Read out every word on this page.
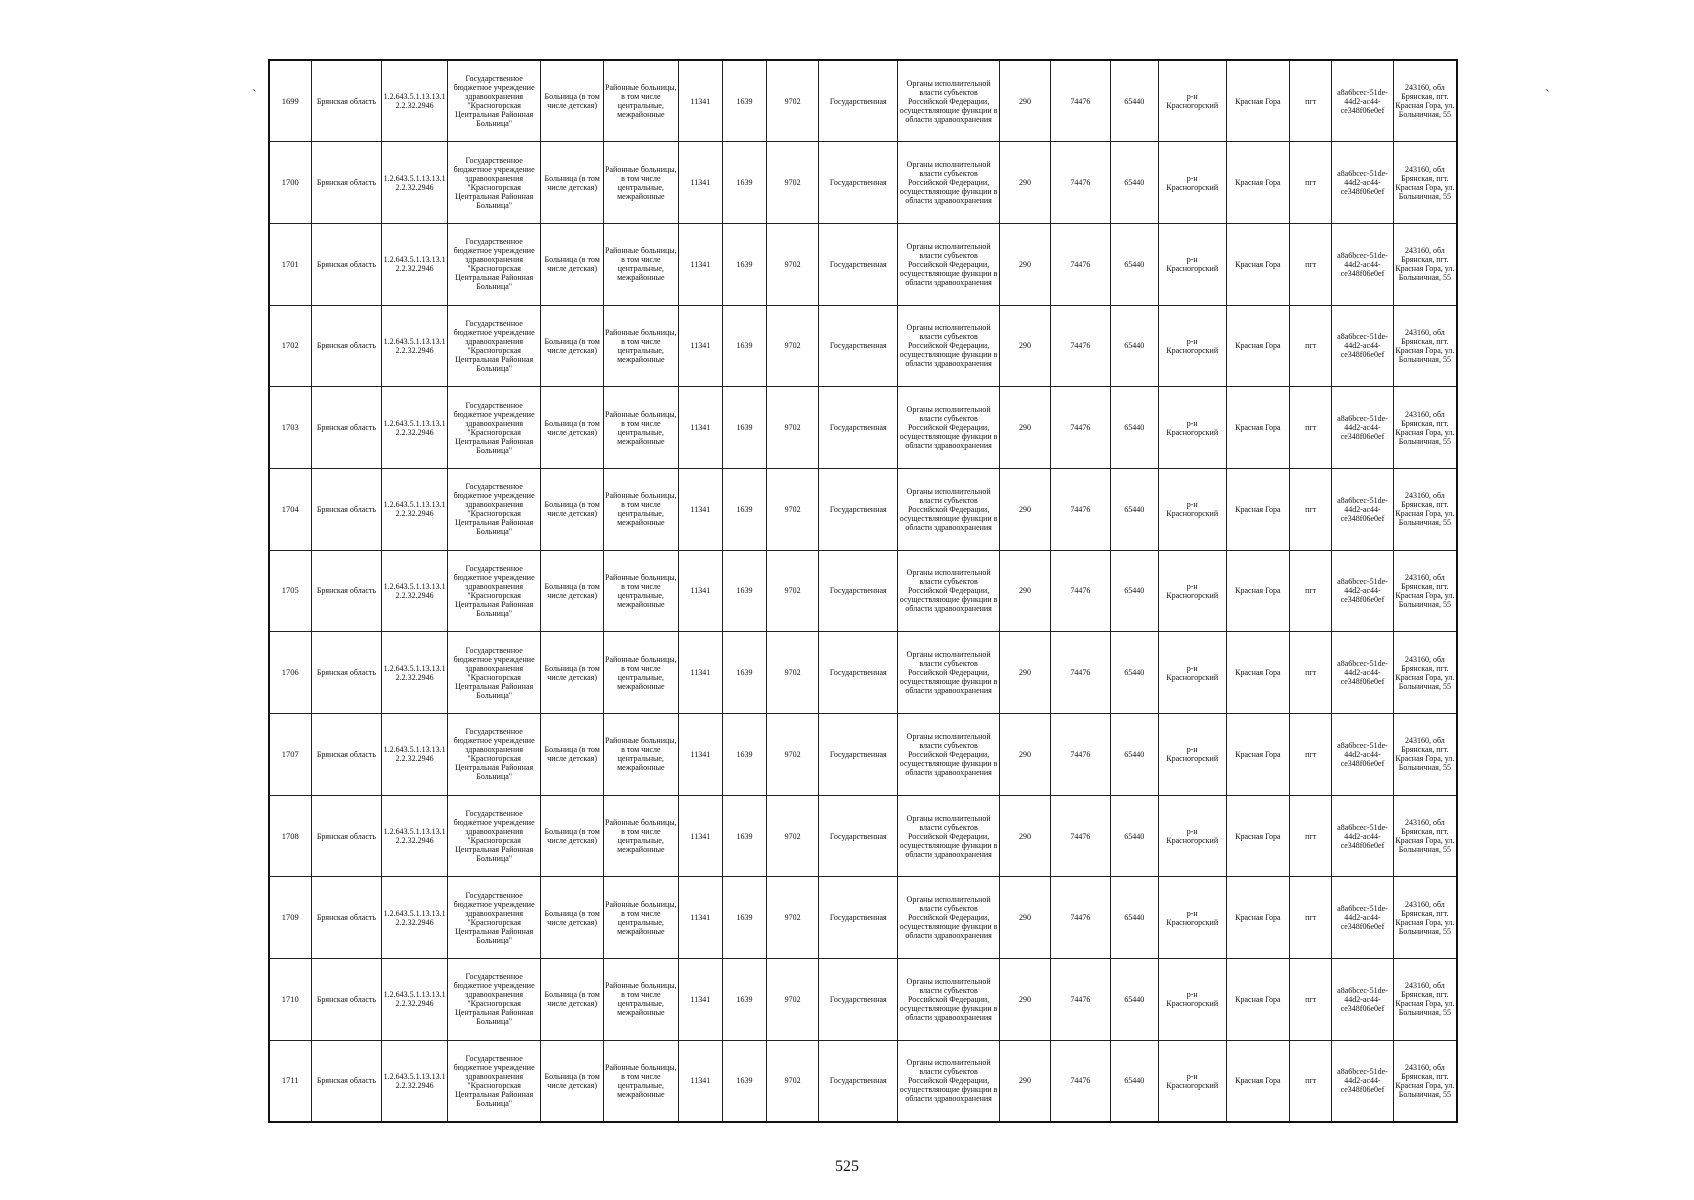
`	`
1699	Брянская область	1.2.643.5.1.13.13.12.2.32.2946	Государственное бюджетное учреждение здравоохранения "Красногорская Центральная Районная Больница"	Больница (в том числе детская)	Районные больницы, в том числе центральные, межрайонные	11341	1639	9702	Государственная	Органы исполнительной власти субъектов Российской Федерации, осуществляющие функции в области здравоохранения	290	74476	65440	р-н Красногорский	Красная Гора	пгт	a8a6bcec-51de-44d2-ac44-ce348f06e0ef	243160, обл Брянская, пгт. Красная Гора, ул. Больничная, 55
1700	Брянская область	1.2.643.5.1.13.13.12.2.32.2946	Государственное бюджетное учреждение здравоохранения "Красногорская Центральная Районная Больница"	Больница (в том числе детская)	Районные больницы, в том числе центральные, межрайонные	11341	1639	9702	Государственная	Органы исполнительной власти субъектов Российской Федерации, осуществляющие функции в области здравоохранения	290	74476	65440	р-н Красногорский	Красная Гора	пгт	a8a6bcec-51de-44d2-ac44-ce348f06e0ef	243160, обл Брянская, пгт. Красная Гора, ул. Больничная, 55
1701	Брянская область	1.2.643.5.1.13.13.12.2.32.2946	Государственное бюджетное учреждение здравоохранения "Красногорская Центральная Районная Больница"	Больница (в том числе детская)	Районные больницы, в том числе центральные, межрайонные	11341	1639	9702	Государственная	Органы исполнительной власти субъектов Российской Федерации, осуществляющие функции в области здравоохранения	290	74476	65440	р-н Красногорский	Красная Гора	пгт	a8a6bcec-51de-44d2-ac44-ce348f06e0ef	243160, обл Брянская, пгт. Красная Гора, ул. Больничная, 55
1702	Брянская область	1.2.643.5.1.13.13.12.2.32.2946	Государственное бюджетное учреждение здравоохранения "Красногорская Центральная Районная Больница"	Больница (в том числе детская)	Районные больницы, в том числе центральные, межрайонные	11341	1639	9702	Государственная	Органы исполнительной власти субъектов Российской Федерации, осуществляющие функции в области здравоохранения	290	74476	65440	р-н Красногорский	Красная Гора	пгт	a8a6bcec-51de-44d2-ac44-ce348f06e0ef	243160, обл Брянская, пгт. Красная Гора, ул. Больничная, 55
1703	Брянская область	1.2.643.5.1.13.13.12.2.32.2946	Государственное бюджетное учреждение здравоохранения "Красногорская Центральная Районная Больница"	Больница (в том числе детская)	Районные больницы, в том числе центральные, межрайонные	11341	1639	9702	Государственная	Органы исполнительной власти субъектов Российской Федерации, осуществляющие функции в области здравоохранения	290	74476	65440	р-н Красногорский	Красная Гора	пгт	a8a6bcec-51de-44d2-ac44-ce348f06e0ef	243160, обл Брянская, пгт. Красная Гора, ул. Больничная, 55
1704	Брянская область	1.2.643.5.1.13.13.12.2.32.2946	Государственное бюджетное учреждение здравоохранения "Красногорская Центральная Районная Больница"	Больница (в том числе детская)	Районные больницы, в том числе центральные, межрайонные	11341	1639	9702	Государственная	Органы исполнительной власти субъектов Российской Федерации, осуществляющие функции в области здравоохранения	290	74476	65440	р-н Красногорский	Красная Гора	пгт	a8a6bcec-51de-44d2-ac44-ce348f06e0ef	243160, обл Брянская, пгт. Красная Гора, ул. Больничная, 55
1705	Брянская область	1.2.643.5.1.13.13.12.2.32.2946	Государственное бюджетное учреждение здравоохранения "Красногорская Центральная Районная Больница"	Больница (в том числе детская)	Районные больницы, в том числе центральные, межрайонные	11341	1639	9702	Государственная	Органы исполнительной власти субъектов Российской Федерации, осуществляющие функции в области здравоохранения	290	74476	65440	р-н Красногорский	Красная Гора	пгт	a8a6bcec-51de-44d2-ac44-ce348f06e0ef	243160, обл Брянская, пгт. Красная Гора, ул. Больничная, 55
1706	Брянская область	1.2.643.5.1.13.13.12.2.32.2946	Государственное бюджетное учреждение здравоохранения "Красногорская Центральная Районная Больница"	Больница (в том числе детская)	Районные больницы, в том числе центральные, межрайонные	11341	1639	9702	Государственная	Органы исполнительной власти субъектов Российской Федерации, осуществляющие функции в области здравоохранения	290	74476	65440	р-н Красногорский	Красная Гора	пгт	a8a6bcec-51de-44d2-ac44-ce348f06e0ef	243160, обл Брянская, пгт. Красная Гора, ул. Больничная, 55
1707	Брянская область	1.2.643.5.1.13.13.12.2.32.2946	Государственное бюджетное учреждение здравоохранения "Красногорская Центральная Районная Больница"	Больница (в том числе детская)	Районные больницы, в том числе центральные, межрайонные	11341	1639	9702	Государственная	Органы исполнительной власти субъектов Российской Федерации, осуществляющие функции в области здравоохранения	290	74476	65440	р-н Красногорский	Красная Гора	пгт	a8a6bcec-51de-44d2-ac44-ce348f06e0ef	243160, обл Брянская, пгт. Красная Гора, ул. Больничная, 55
1708	Брянская область	1.2.643.5.1.13.13.12.2.32.2946	Государственное бюджетное учреждение здравоохранения "Красногорская Центральная Районная Больница"	Больница (в том числе детская)	Районные больницы, в том числе центральные, межрайонные	11341	1639	9702	Государственная	Органы исполнительной власти субъектов Российской Федерации, осуществляющие функции в области здравоохранения	290	74476	65440	р-н Красногорский	Красная Гора	пгт	a8a6bcec-51de-44d2-ac44-ce348f06e0ef	243160, обл Брянская, пгт. Красная Гора, ул. Больничная, 55
1709	Брянская область	1.2.643.5.1.13.13.12.2.32.2946	Государственное бюджетное учреждение здравоохранения "Красногорская Центральная Районная Больница"	Больница (в том числе детская)	Районные больницы, в том числе центральные, межрайонные	11341	1639	9702	Государственная	Органы исполнительной власти субъектов Российской Федерации, осуществляющие функции в области здравоохранения	290	74476	65440	р-н Красногорский	Красная Гора	пгт	a8a6bcec-51de-44d2-ac44-ce348f06e0ef	243160, обл Брянская, пгт. Красная Гора, ул. Больничная, 55
1710	Брянская область	1.2.643.5.1.13.13.12.2.32.2946	Государственное бюджетное учреждение здравоохранения "Красногорская Центральная Районная Больница"	Больница (в том числе детская)	Районные больницы, в том числе центральные, межрайонные	11341	1639	9702	Государственная	Органы исполнительной власти субъектов Российской Федерации, осуществляющие функции в области здравоохранения	290	74476	65440	р-н Красногорский	Красная Гора	пгт	a8a6bcec-51de-44d2-ac44-ce348f06e0ef	243160, обл Брянская, пгт. Красная Гора, ул. Больничная, 55
1711	Брянская область	1.2.643.5.1.13.13.12.2.32.2946	Государственное бюджетное учреждение здравоохранения "Красногорская Центральная Районная Больница"	Больница (в том числе детская)	Районные больницы, в том числе центральные, межрайонные	11341	1639	9702	Государственная	Органы исполнительной власти субъектов Российской Федерации, осуществляющие функции в области здравоохранения	290	74476	65440	р-н Красногорский	Красная Гора	пгт	a8a6bcec-51de-44d2-ac44-ce348f06e0ef	243160, обл Брянская, пгт. Красная Гора, ул. Больничная, 55
525
